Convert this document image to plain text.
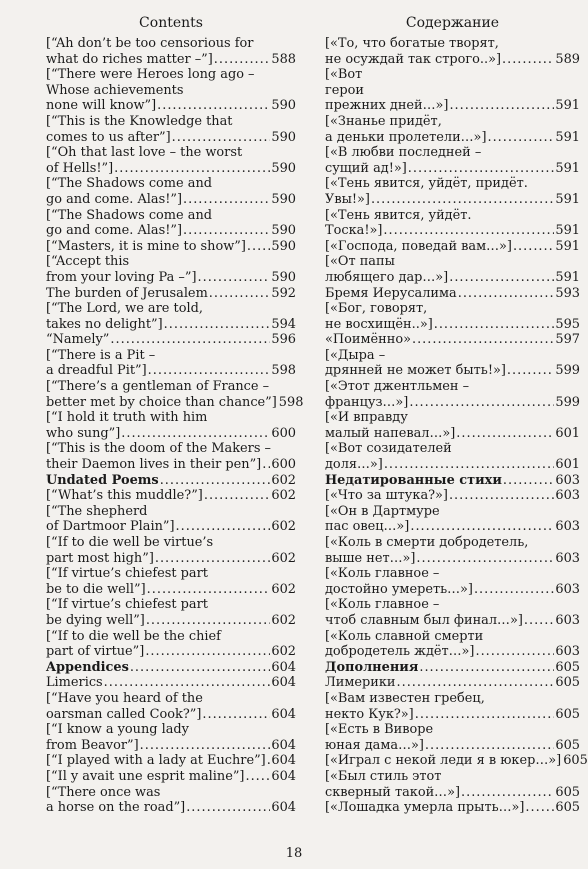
Contents
[“Ah don’t be too censorious for
what do riches matter –”] .....	588
[“There were Heroes long ago –
Whose achievements
none will know”] .....	590
[“This is the Knowledge that
comes to us after”] .....	590
[“Oh that last love – the worst
of Hells!”] .....	590
[“The Shadows come and
go and come. Alas!”] .....	590
[“The Shadows come and
go and come. Alas!”] .....	590
[“Masters, it is mine to show”] ..... 590
[“Accept this
from your loving Pa –”] .....	590
The burden of Jerusalem .....	592
[“The Lord, we are told,
takes no delight”] .....	594
“Namely” .....	596
[“There is a Pit –
a dreadful Pit”] .....	598
[“There’s a gentleman of France –
better met by choice than chance”] 598
[“I hold it truth with him
who sung”] .....	600
[“This is the doom of the Makers –
their Daemon lives in their pen”] ..... 600
Undated Poems .....	602
[“What’s this muddle?”] .....	602
[“The shepherd
of Dartmoor Plain”] .....	602
[“If to die well be virtue’s
part most high”] .....	602
[“If virtue’s chiefest part
be to die well”] .....	602
[“If virtue’s chiefest part
be dying well”] .....	602
[“If to die well be the chief
part of virtue”] .....	602
Appendices .....	604
Limerics .....	604
[“Have you heard of the
oarsman called Cook?”] .....	604
[“I know a young lady
from Beavor”] .....	604
[“I played with a lady at Euchre”] ..... 604
[“Il y avait une esprit maline”] ..... 604
[“There once was
a horse on the road”] .....	604
Содержание
[«То, что богатые творят,
не осуждай так строго..»] .....	589
[«Вот
герои
прежних дней…»] .....	591
[«Знанье придёт,
а деньки пролетели…»] .....	591
[«В любви последней –
сущий ад!»] .....	591
[«Тень явится, уйдёт, придёт.
Увы!»] .....	591
[«Тень явится, уйдёт.
Тоска!»] .....	591
[«Господа, поведай вам…»] .....	591
[«От папы
любящего дар…»] .....	591
Бремя Иерусалима .....	593
[«Бог, говорят,
не восхищён..»] .....	595
«Поимённо» .....	597
[«Дыра –
дрянней не может быть!»] .....	599
[«Этот джентльмен –
француз…»] .....	599
[«И вправду
малый напевал…»] .....	601
[«Вот созидателей
доля…»] .....	601
Недатированные стихи .....	603
[«Что за штука?»] .....	603
[«Он в Дартмуре
пас овец…»] .....	603
[«Коль в смерти добродетель,
выше нет…»] .....	603
[«Коль главное –
достойно умереть…»] .....	603
[«Коль главное –
чтоб славным был финал…»] .....	603
[«Коль славной смерти
добродетель ждёт…»] .....	603
Дополнения .....	605
Лимерики .....	605
[«Вам известен гребец,
некто Кук?»] .....	605
[«Есть в Виворе
юная дама…»] .....	605
[«Играл с некой леди я в юкер…»] 605
[«Был стиль этот
скверный такой…»] .....	605
[«Лошадка умерла прыть…»] ..... 605
18
